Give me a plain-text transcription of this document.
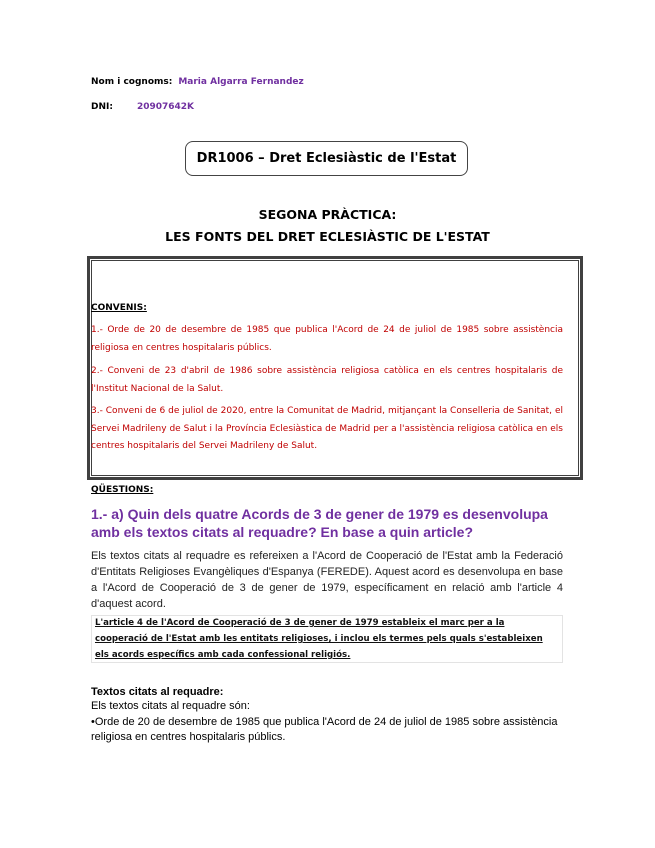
Nom i cognoms: Maria Algarra Fernandez
DNI:	20907642K
DR1006 – Dret Eclesiàstic de l'Estat
SEGONA PRÀCTICA:
LES FONTS DEL DRET ECLESIÀSTIC DE L'ESTAT
CONVENIS:
1.- Orde de 20 de desembre de 1985 que publica l'Acord de 24 de juliol de 1985 sobre assistència religiosa en centres hospitalaris públics.
2.- Conveni de 23 d'abril de 1986 sobre assistència religiosa catòlica en els centres hospitalaris de l'Institut Nacional de la Salut.
3.- Conveni de 6 de juliol de 2020, entre la Comunitat de Madrid, mitjançant la Conselleria de Sanitat, el Servei Madrileny de Salut i la Província Eclesiàstica de Madrid per a l'assistència religiosa catòlica en els centres hospitalaris del Servei Madrileny de Salut.
QÜESTIONS:
1.- a) Quin dels quatre Acords de 3 de gener de 1979 es desenvolupa amb els textos citats al requadre? En base a quin article?
Els textos citats al requadre es refereixen a l'Acord de Cooperació de l'Estat amb la Federació d'Entitats Religioses Evangèliques d'Espanya (FEREDE). Aquest acord es desenvolupa en base a l'Acord de Cooperació de 3 de gener de 1979, específicament en relació amb l'article 4 d'aquest acord.
L'article 4 de l'Acord de Cooperació de 3 de gener de 1979 estableix el marc per a la cooperació de l'Estat amb les entitats religioses, i inclou els termes pels quals s'estableixen els acords específics amb cada confessional religiós.
Textos citats al requadre:
Els textos citats al requadre són:
•Orde de 20 de desembre de 1985 que publica l'Acord de 24 de juliol de 1985 sobre assistència religiosa en centres hospitalaris públics.
